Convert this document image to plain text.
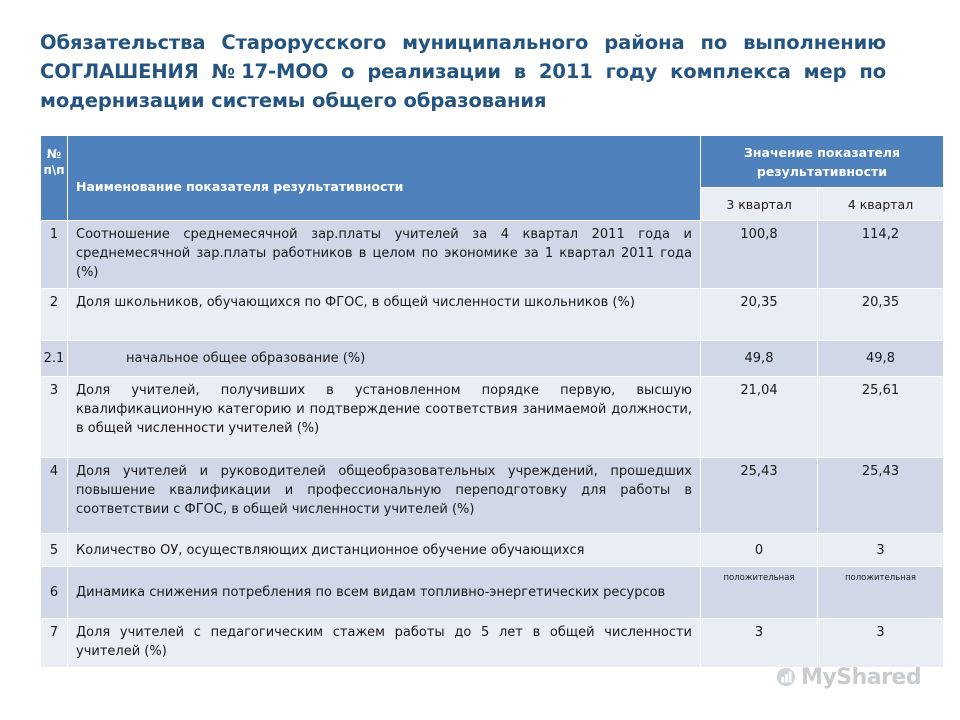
Обязательства Старорусского муниципального района по выполнению СОГЛАШЕНИЯ №17-МОО о реализации в 2011 году комплекса мер по модернизации системы общего образования
№ п\п	Наименование показателя результативности	Значение показателя результативности	
		3 квартал	4 квартал
1	Соотношение среднемесячной зар.платы учителей за 4 квартал 2011 года и среднемесячной зар.платы работников в целом по экономике за 1 квартал 2011 года (%)	100,8	114,2
2	Доля школьников, обучающихся по ФГОС, в общей численности школьников (%)	20,35	20,35
2.1	начальное общее образование (%)	49,8	49,8
3	Доля учителей, получивших в установленном порядке первую, высшую квалификационную категорию и подтверждение соответствия занимаемой должности, в общей численности учителей (%)	21,04	25,61
4	Доля учителей и руководителей общеобразовательных учреждений, прошедших повышение квалификации и профессиональную переподготовку для работы в соответствии с ФГОС, в общей численности учителей (%)	25,43	25,43
5	Количество ОУ, осуществляющих дистанционное обучение обучающихся	0	3
6	Динамика снижения потребления по всем видам топливно-энергетических ресурсов	положительная	положительная
7	Доля учителей с педагогическим стажем работы до 5 лет в общей численности учителей (%)	3	3
MyShared
